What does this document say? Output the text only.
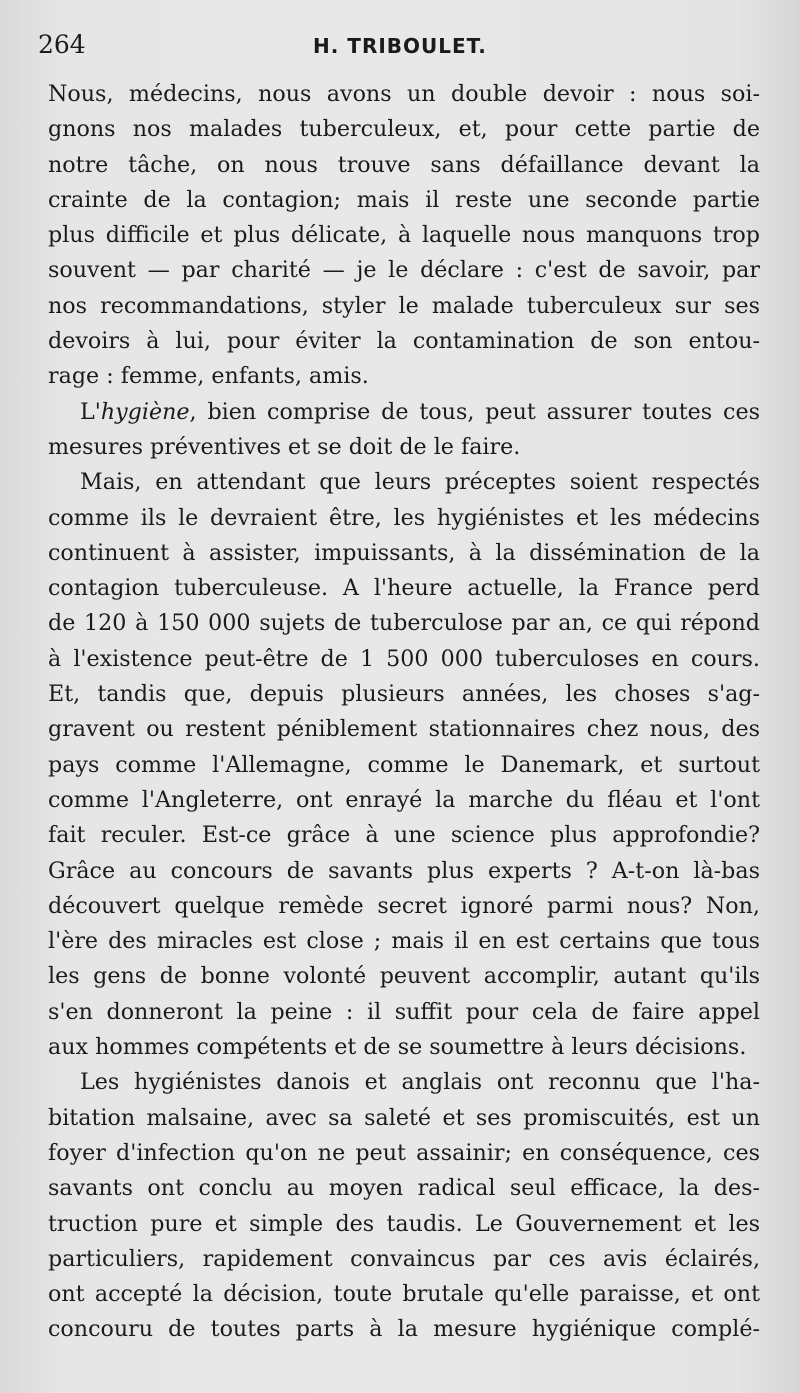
264	H. TRIBOULET.
Nous, médecins, nous avons un double devoir : nous soi-
gnons nos malades tuberculeux, et, pour cette partie de
notre tâche, on nous trouve sans défaillance devant la
crainte de la contagion; mais il reste une seconde partie
plus difficile et plus délicate, à laquelle nous manquons trop
souvent — par charité — je le déclare : c'est de savoir, par
nos recommandations, styler le malade tuberculeux sur ses
devoirs à lui, pour éviter la contamination de son entou-
rage : femme, enfants, amis.
L'hygiène, bien comprise de tous, peut assurer toutes ces
mesures préventives et se doit de le faire.
Mais, en attendant que leurs préceptes soient respectés
comme ils le devraient être, les hygiénistes et les médecins
continuent à assister, impuissants, à la dissémination de la
contagion tuberculeuse. A l'heure actuelle, la France perd
de 120 à 150 000 sujets de tuberculose par an, ce qui répond
à l'existence peut-être de 1 500 000 tuberculoses en cours.
Et, tandis que, depuis plusieurs années, les choses s'ag-
gravent ou restent péniblement stationnaires chez nous, des
pays comme l'Allemagne, comme le Danemark, et surtout
comme l'Angleterre, ont enrayé la marche du fléau et l'ont
fait reculer. Est-ce grâce à une science plus approfondie?
Grâce au concours de savants plus experts ? A-t-on là-bas
découvert quelque remède secret ignoré parmi nous? Non,
l'ère des miracles est close ; mais il en est certains que tous
les gens de bonne volonté peuvent accomplir, autant qu'ils
s'en donneront la peine : il suffit pour cela de faire appel
aux hommes compétents et de se soumettre à leurs décisions.
Les hygiénistes danois et anglais ont reconnu que l'ha-
bitation malsaine, avec sa saleté et ses promiscuités, est un
foyer d'infection qu'on ne peut assainir; en conséquence, ces
savants ont conclu au moyen radical seul efficace, la des-
truction pure et simple des taudis. Le Gouvernement et les
particuliers, rapidement convaincus par ces avis éclairés,
ont accepté la décision, toute brutale qu'elle paraisse, et ont
concouru de toutes parts à la mesure hygiénique complé-
